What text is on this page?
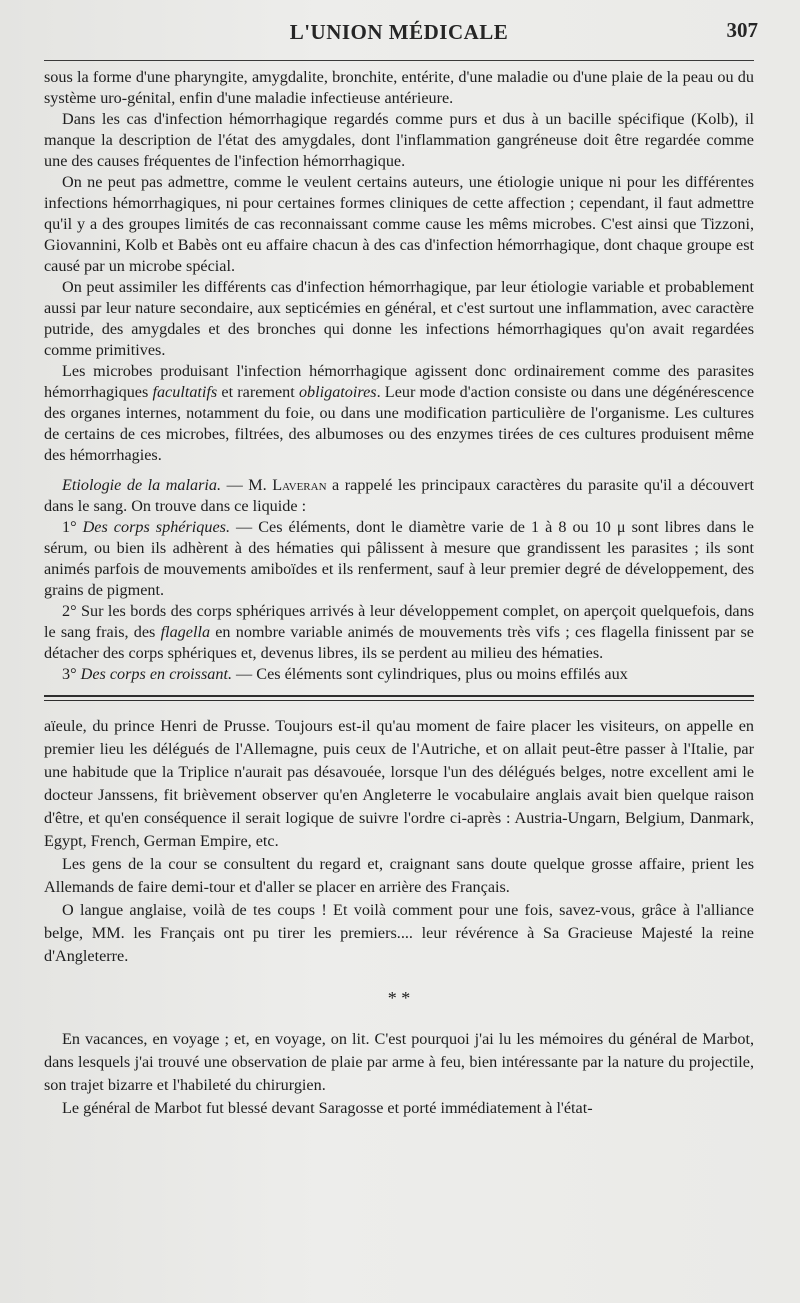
L'UNION MÉDICALE	307

sous la forme d'une pharyngite, amygdalite, bronchite, entérite, d'une maladie ou d'une plaie de la peau ou du système uro-génital, enfin d'une maladie infectieuse antérieure.

Dans les cas d'infection hémorrhagique regardés comme purs et dus à un bacille spécifique (Kolb), il manque la description de l'état des amygdales, dont l'inflammation gangréneuse doit être regardée comme une des causes fréquentes de l'infection hémorrhagique.

On ne peut pas admettre, comme le veulent certains auteurs, une étiologie unique ni pour les différentes infections hémorrhagiques, ni pour certaines formes cliniques de cette affection ; cependant, il faut admettre qu'il y a des groupes limités de cas reconnaissant comme cause les mêms microbes. C'est ainsi que Tizzoni, Giovannini, Kolb et Babès ont eu affaire chacun à des cas d'infection hémorrhagique, dont chaque groupe est causé par un microbe spécial.

On peut assimiler les différents cas d'infection hémorrhagique, par leur étiologie variable et probablement aussi par leur nature secondaire, aux septicémies en général, et c'est surtout une inflammation, avec caractère putride, des amygdales et des bronches qui donne les infections hémorrhagiques qu'on avait regardées comme primitives.

Les microbes produisant l'infection hémorrhagique agissent donc ordinairement comme des parasites hémorrhagiques facultatifs et rarement obligatoires. Leur mode d'action consiste ou dans une dégénérescence des organes internes, notamment du foie, ou dans une modification particulière de l'organisme. Les cultures de certains de ces microbes, filtrées, des albumoses ou des enzymes tirées de ces cultures produisent même des hémorrhagies.

Etiologie de la malaria. — M. Laveran a rappelé les principaux caractères du parasite qu'il a découvert dans le sang. On trouve dans ce liquide :

1° Des corps sphériques. — Ces éléments, dont le diamètre varie de 1 à 8 ou 10 μ sont libres dans le sérum, ou bien ils adhèrent à des hématies qui pâlissent à mesure que grandissent les parasites ; ils sont animés parfois de mouvements amiboïdes et ils renferment, sauf à leur premier degré de développement, des grains de pigment.

2° Sur les bords des corps sphériques arrivés à leur développement complet, on aperçoit quelquefois, dans le sang frais, des flagella en nombre variable animés de mouvements très vifs ; ces flagella finissent par se détacher des corps sphériques et, devenus libres, ils se perdent au milieu des hématies.

3° Des corps en croissant. — Ces éléments sont cylindriques, plus ou moins effilés aux

aïeule, du prince Henri de Prusse. Toujours est-il qu'au moment de faire placer les visiteurs, on appelle en premier lieu les délégués de l'Allemagne, puis ceux de l'Autriche, et on allait peut-être passer à l'Italie, par une habitude que la Triplice n'aurait pas désavouée, lorsque l'un des délégués belges, notre excellent ami le docteur Janssens, fit brièvement observer qu'en Angleterre le vocabulaire anglais avait bien quelque raison d'être, et qu'en conséquence il serait logique de suivre l'ordre ci-après : Austria-Ungarn, Belgium, Danmark, Egypt, French, German Empire, etc.

Les gens de la cour se consultent du regard et, craignant sans doute quelque grosse affaire, prient les Allemands de faire demi-tour et d'aller se placer en arrière des Français.

O langue anglaise, voilà de tes coups ! Et voilà comment pour une fois, savez-vous, grâce à l'alliance belge, MM. les Français ont pu tirer les premiers.... leur révérence à Sa Gracieuse Majesté la reine d'Angleterre.

* *

En vacances, en voyage ; et, en voyage, on lit. C'est pourquoi j'ai lu les mémoires du général de Marbot, dans lesquels j'ai trouvé une observation de plaie par arme à feu, bien intéressante par la nature du projectile, son trajet bizarre et l'habileté du chirurgien.

Le général de Marbot fut blessé devant Saragosse et porté immédiatement à l'état-
